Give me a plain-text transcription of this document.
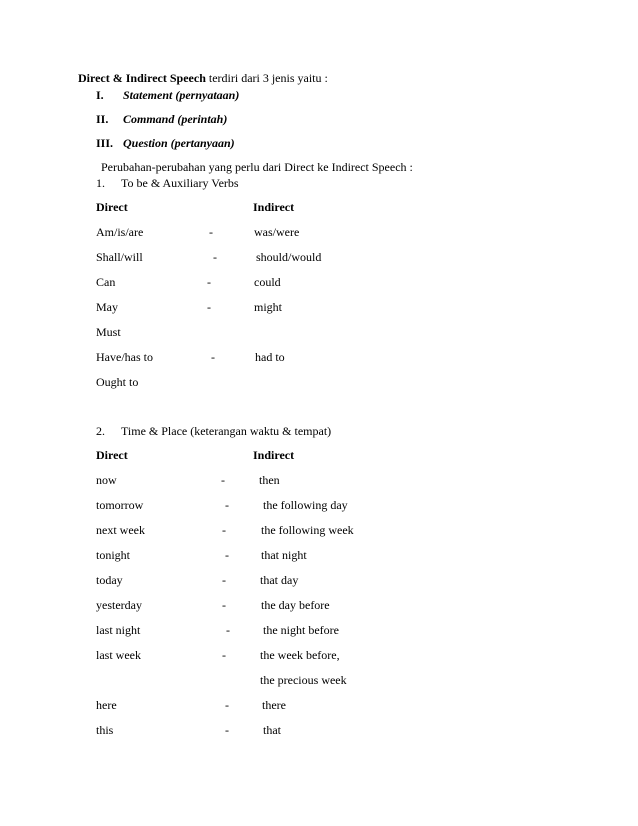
Direct & Indirect Speech terdiri dari 3 jenis yaitu :
I. Statement (pernyataan)
II. Command (perintah)
III. Question (pertanyaan)
Perubahan-perubahan yang perlu dari Direct ke Indirect Speech :
1. To be & Auxiliary Verbs
Direct	Indirect
Am/is/are	-	was/were
Shall/will	-	should/would
Can	-	could
May	-	might
Must
Have/has to	-	had to
Ought to
2. Time & Place (keterangan waktu & tempat)
Direct	Indirect
now	-	then
tomorrow	-	the following day
next week	-	the following week
tonight	-	that night
today	-	that day
yesterday	-	the day before
last night	-	the night before
last week	-	the week before,
the precious week
here	-	there
this	-	that
